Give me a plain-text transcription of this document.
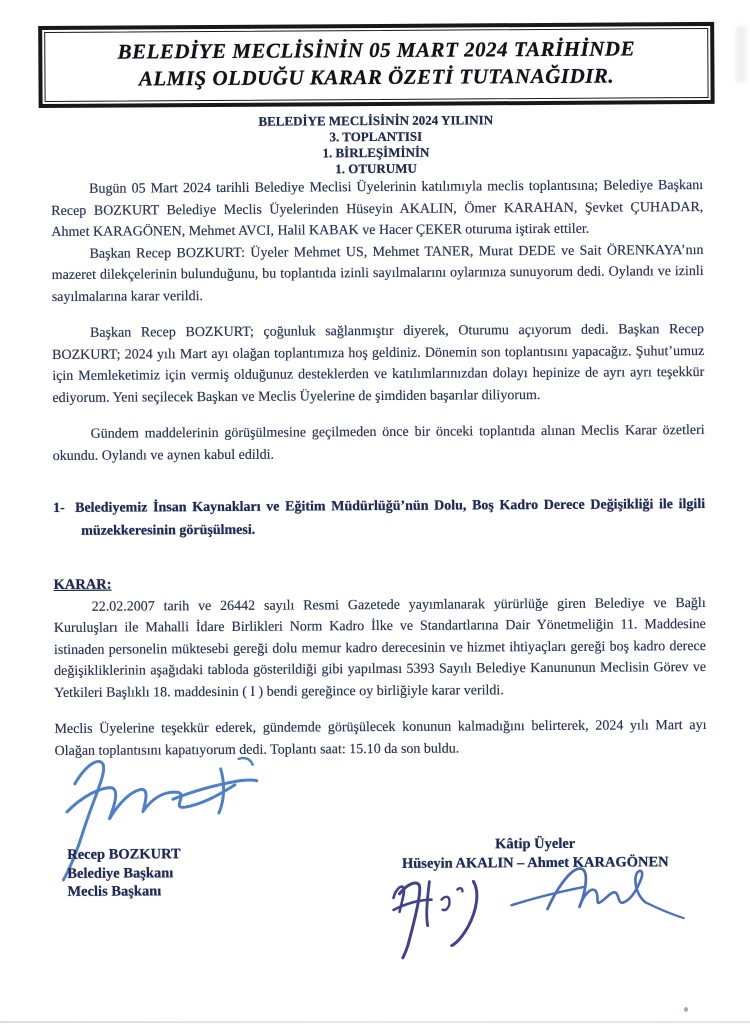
BELEDİYE MECLİSİNİN 05 MART 2024 TARİHİNDE
ALMIŞ OLDUĞU KARAR ÖZETİ TUTANAĞIDIR.
BELEDİYE MECLİSİNİN 2024 YILININ
3. TOPLANTISI
1. BİRLEŞİMİNİN
1. OTURUMU

Bugün 05 Mart 2024 tarihli Belediye Meclisi Üyelerinin katılımıyla meclis toplantısına; Belediye Başkanı Recep BOZKURT Belediye Meclis Üyelerinden Hüseyin AKALIN, Ömer KARAHAN, Şevket ÇUHADAR, Ahmet KARAGÖNEN, Mehmet AVCI, Halil KABAK ve Hacer ÇEKER oturuma iştirak ettiler.

Başkan Recep BOZKURT: Üyeler Mehmet US, Mehmet TANER, Murat DEDE ve Sait ÖRENKAYA’nın mazeret dilekçelerinin bulunduğunu, bu toplantıda izinli sayılmalarını oylarınıza sunuyorum dedi. Oylandı ve izinli sayılmalarına karar verildi.

Başkan Recep BOZKURT; çoğunluk sağlanmıştır diyerek, Oturumu açıyorum dedi. Başkan Recep BOZKURT; 2024 yılı Mart ayı olağan toplantımıza hoş geldiniz. Dönemin son toplantısını yapacağız. Şuhut’umuz için Memleketimiz için vermiş olduğunuz desteklerden ve katılımlarınızdan dolayı hepinize de ayrı ayrı teşekkür ediyorum. Yeni seçilecek Başkan ve Meclis Üyelerine de şimdiden başarılar diliyorum.

Gündem maddelerinin görüşülmesine geçilmeden önce bir önceki toplantıda alınan Meclis Karar özetleri okundu. Oylandı ve aynen kabul edildi.

1- Belediyemiz İnsan Kaynakları ve Eğitim Müdürlüğü’nün Dolu, Boş Kadro Derece Değişikliği ile ilgili müzekkeresinin görüşülmesi.

KARAR:

22.02.2007 tarih ve 26442 sayılı Resmi Gazetede yayımlanarak yürürlüğe giren Belediye ve Bağlı Kuruluşları ile Mahalli İdare Birlikleri Norm Kadro İlke ve Standartlarına Dair Yönetmeliğin 11. Maddesine istinaden personelin müktesebi gereği dolu memur kadro derecesinin ve hizmet ihtiyaçları gereği boş kadro derece değişikliklerinin aşağıdaki tabloda gösterildiği gibi yapılması 5393 Sayılı Belediye Kanununun Meclisin Görev ve Yetkileri Başlıklı 18. maddesinin ( I ) bendi gereğince oy birliğiyle karar verildi.

Meclis Üyelerine teşekkür ederek, gündemde görüşülecek konunun kalmadığını belirterek, 2024 yılı Mart ayı Olağan toplantısını kapatıyorum dedi. Toplantı saat: 15.10 da son buldu.

Recep BOZKURT
Belediye Başkanı
Meclis Başkanı
Kâtip Üyeler
Hüseyin AKALIN – Ahmet KARAGÖNEN
